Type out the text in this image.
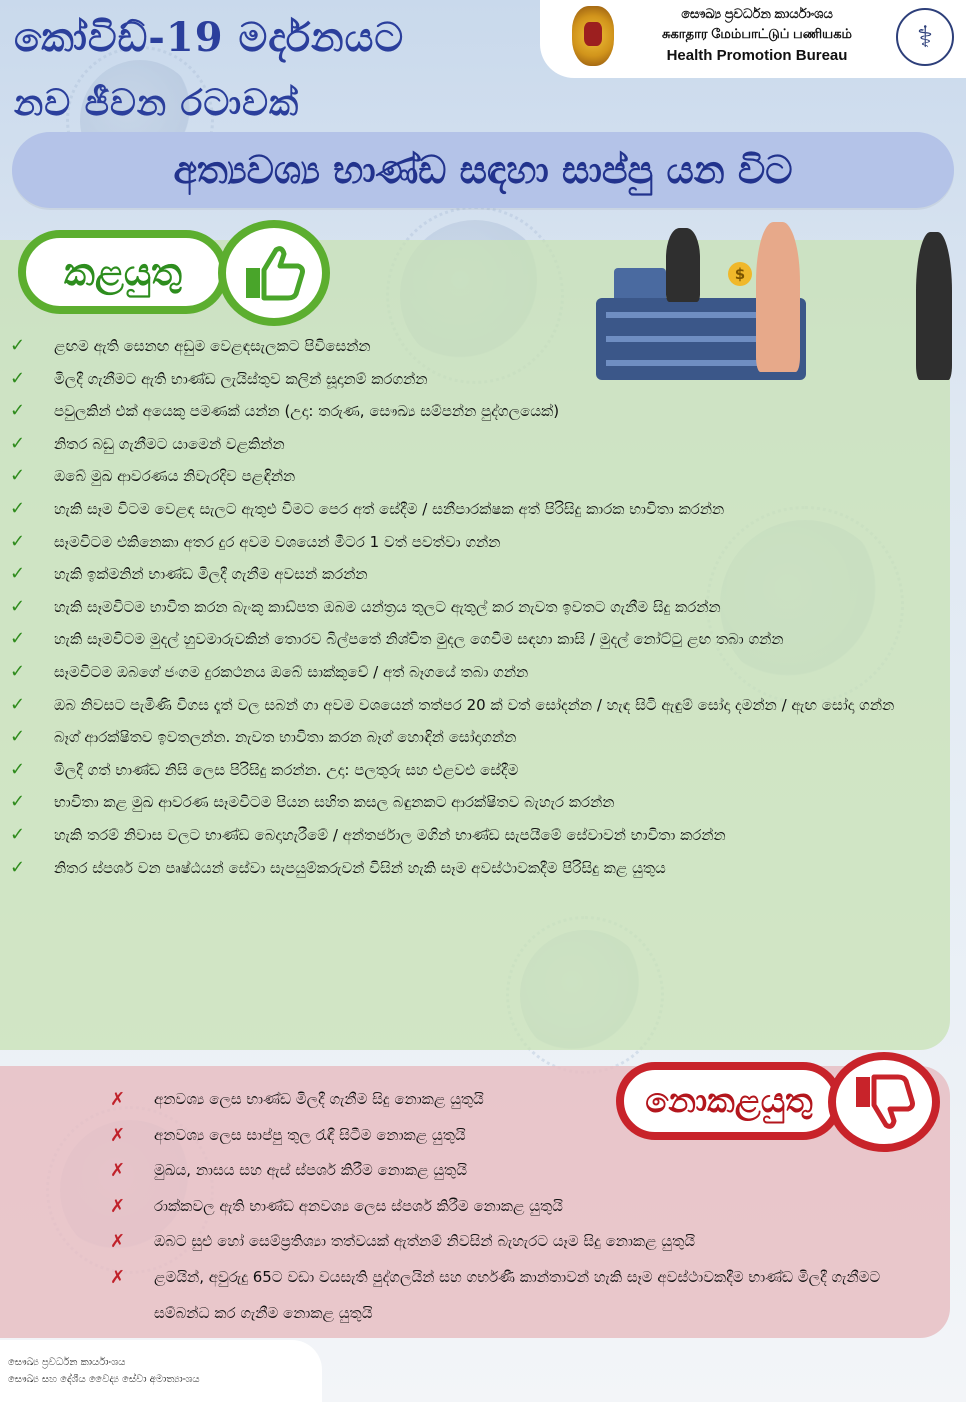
කෝවිඩ්-19 මර්දනයට
නව ජීවන රටාවක්
සෞඛ්‍ය ප්‍රවර්ධන කාර්යාංශය
சுகாதார மேம்பாட்டுப் பணியகம்
Health Promotion Bureau
⚕
අත්‍යවශ්‍ය භාණ්ඩ සඳහා සාප්පු යන විට
කළයුතු	$
✓ ළඟම ඇති සෙනඟ අඩුම වෙළඳසැලකට පිවිසෙන්න
✓ මිලදී ගැනීමට ඇති භාණ්ඩ ලැයිස්තුව කලින් සූදානම් කරගන්න
✓ පවුලකින් එක් අයෙකු පමණක් යන්න (උදා: තරුණ, සෞඛ්‍ය සම්පන්න පුද්ගලයෙක්)
✓ නිතර බඩු ගැනීමට යාමෙන් වළකින්න
✓ ඔබේ මුඛ ආවරණය නිවැරදිව පළඳින්න
✓ හැකි සෑම විටම වෙළඳ සැලට ඇතුළු වීමට පෙර අත් සේදීම / සනීපාරක්ෂක අත් පිරිසිදු කාරක භාවිතා කරන්න
✓ සෑමවිටම එකිනෙකා අතර දුර අවම වශයෙන් මීටර 1 වත් පවත්වා ගන්න
✓ හැකි ඉක්මනින් භාණ්ඩ මිලදී ගැනීම අවසන් කරන්න
✓ හැකි සෑමවිටම භාවිත කරන බැංකු කාඩ්පත ඔබම යන්ත්‍රය තුලට ඇතුල් කර නැවත ඉවතට ගැනීම සිදු කරන්න
✓ හැකි සෑමවිටම මුදල් හුවමාරුවකින් තොරව බිල්පතේ නිශ්චිත මුදල ගෙවීම සඳහා කාසි / මුදල් නෝට්ටු ළඟ තබා ගන්න
✓ සෑමවිටම ඔබගේ ජංගම දුරකථනය ඔබේ සාක්කුවේ / අත් බෑගයේ තබා ගන්න
✓ ඔබ නිවසට පැමිණි විගස දෑත් වල සබන් ගා අවම වශයෙන් තත්පර 20 ක් වත් සෝදන්න / හැඳ සිටි ඇඳුම් සෝදා දමන්න / ඇඟ සෝදා ගන්න
✓ බෑග් ආරක්ෂිතව ඉවතලන්න. නැවත භාවිතා කරන බෑග් හොඳින් සෝදාගන්න
✓ මිලදී ගත් භාණ්ඩ නිසි ලෙස පිරිසිදු කරන්න. උදා: පලතුරු සහ එළවළු සේදීම
✓ භාවිතා කළ මුඛ ආවරණ සෑමවිටම පියන සහිත කසල බඳුනකට ආරක්ෂිතව බැහැර කරන්න
✓ හැකි තරම් නිවාස වලට භාණ්ඩ බෙදාහැරීමේ / අන්තර්ජාල මගින් භාණ්ඩ සැපයීමේ සේවාවන් භාවිතා කරන්න
✓ නිතර ස්පර්ශ වන පෘෂ්ඨයන් සේවා සැපයුම්කරුවන් විසින් හැකි සෑම අවස්ථාවකදීම පිරිසිදු කළ යුතුය
✗ අනවශ්‍ය ලෙස භාණ්ඩ මිලදී ගැනීම සිදු නොකළ යුතුයි
✗ අනවශ්‍ය ලෙස සාප්පු තුල රැඳී සිටීම නොකළ යුතුයි
✗ මුඛය, නාසය සහ ඇස් ස්පර්ශ කිරීම නොකළ යුතුයි
✗ රාක්කවල ඇති භාණ්ඩ අනවශ්‍ය ලෙස ස්පර්ශ කිරීම නොකළ යුතුයි
✗ ඔබට සුළු හෝ සෙම්ප්‍රතිශ්‍යා තත්වයක් ඇත්නම් නිවසින් බැහැරට යෑම සිදු නොකළ යුතුයි
✗ ළමයින්, අවුරුදු 65ට වඩා වයසැති පුද්ගලයින් සහ ගර්භණී කාන්තාවන් හැකි සෑම අවස්ථාවකදීම භාණ්ඩ මිලදී ගැනීමට සම්බන්ධ කර ගැනීම නොකළ යුතුයි
නොකළයුතු
සෞඛ්‍ය ප්‍රවර්ධන කාර්යාංශය
සෞඛ්‍ය සහ දේශීය වෛද්‍ය සේවා අමාත්‍යාංශය
